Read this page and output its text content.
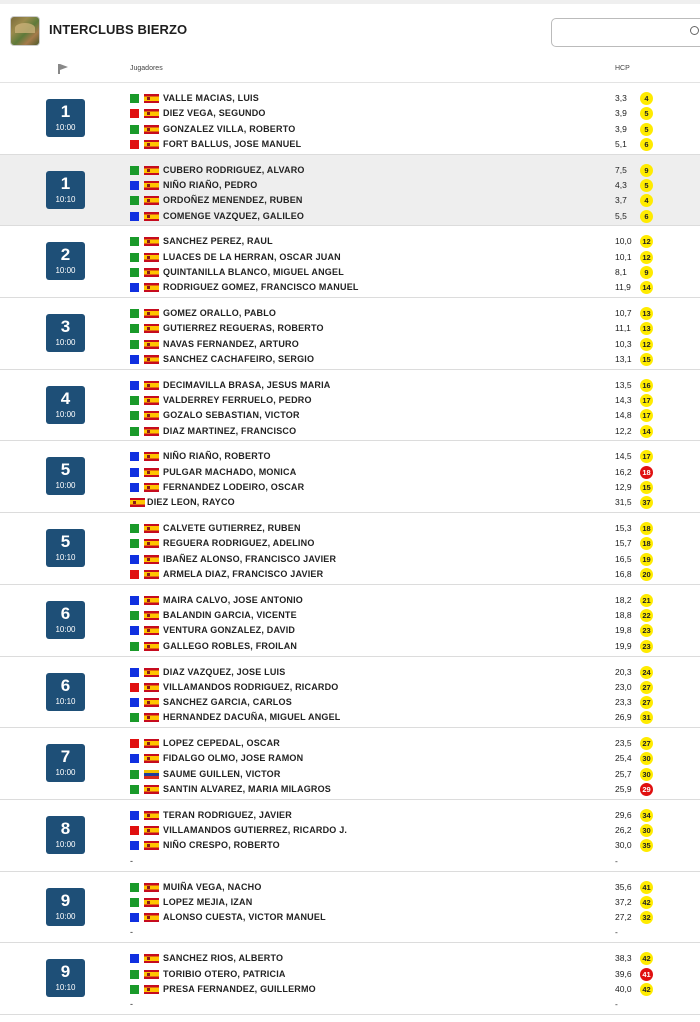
INTERCLUBS BIERZO
Jugadores	HCP
1
10:00
VALLE MACIAS, LUIS	3,3	4
DIEZ VEGA, SEGUNDO	3,9	5
GONZALEZ VILLA, ROBERTO	3,9	5
FORT BALLUS, JOSE MANUEL	5,1	6
1
10:10
CUBERO RODRIGUEZ, ALVARO	7,5	9
NIÑO RIAÑO, PEDRO	4,3	5
ORDOÑEZ MENENDEZ, RUBEN	3,7	4
COMENGE VAZQUEZ, GALILEO	5,5	6
2
10:00
SANCHEZ PEREZ, RAUL	10,0	12
LUACES DE LA HERRAN, OSCAR JUAN	10,1	12
QUINTANILLA BLANCO, MIGUEL ANGEL	8,1	9
RODRIGUEZ GOMEZ, FRANCISCO MANUEL	11,9	14
3
10:00
GOMEZ ORALLO, PABLO	10,7	13
GUTIERREZ REGUERAS, ROBERTO	11,1	13
NAVAS FERNANDEZ, ARTURO	10,3	12
SANCHEZ CACHAFEIRO, SERGIO	13,1	15
4
10:00
DECIMAVILLA BRASA, JESUS MARIA	13,5	16
VALDERREY FERRUELO, PEDRO	14,3	17
GOZALO SEBASTIAN, VICTOR	14,8	17
DIAZ MARTINEZ, FRANCISCO	12,2	14
5
10:00
NIÑO RIAÑO, ROBERTO	14,5	17
PULGAR MACHADO, MONICA	16,2	18
FERNANDEZ LODEIRO, OSCAR	12,9	15
DIEZ LEON, RAYCO	31,5	37
5
10:10
CALVETE GUTIERREZ, RUBEN	15,3	18
REGUERA RODRIGUEZ, ADELINO	15,7	18
IBAÑEZ ALONSO, FRANCISCO JAVIER	16,5	19
ARMELA DIAZ, FRANCISCO JAVIER	16,8	20
6
10:00
MAIRA CALVO, JOSE ANTONIO	18,2	21
BALANDIN GARCIA, VICENTE	18,8	22
VENTURA GONZALEZ, DAVID	19,8	23
GALLEGO ROBLES, FROILAN	19,9	23
6
10:10
DIAZ VAZQUEZ, JOSE LUIS	20,3	24
VILLAMANDOS RODRIGUEZ, RICARDO	23,0	27
SANCHEZ GARCIA, CARLOS	23,3	27
HERNANDEZ DACUÑA, MIGUEL ANGEL	26,9	31
7
10:00
LOPEZ CEPEDAL, OSCAR	23,5	27
FIDALGO OLMO, JOSE RAMON	25,4	30
SAUME GUILLEN, VICTOR	25,7	30
SANTIN ALVAREZ, MARIA MILAGROS	25,9	29
8
10:00
TERAN RODRIGUEZ, JAVIER	29,6	34
VILLAMANDOS GUTIERREZ, RICARDO J.	26,2	30
NIÑO CRESPO, ROBERTO	30,0	35
-	-
9
10:00
MUIÑA VEGA, NACHO	35,6	41
LOPEZ MEJIA, IZAN	37,2	42
ALONSO CUESTA, VICTOR MANUEL	27,2	32
-	-
9
10:10
SANCHEZ RIOS, ALBERTO	38,3	42
TORIBIO OTERO, PATRICIA	39,6	41
PRESA FERNANDEZ, GUILLERMO	40,0	42
-	-
